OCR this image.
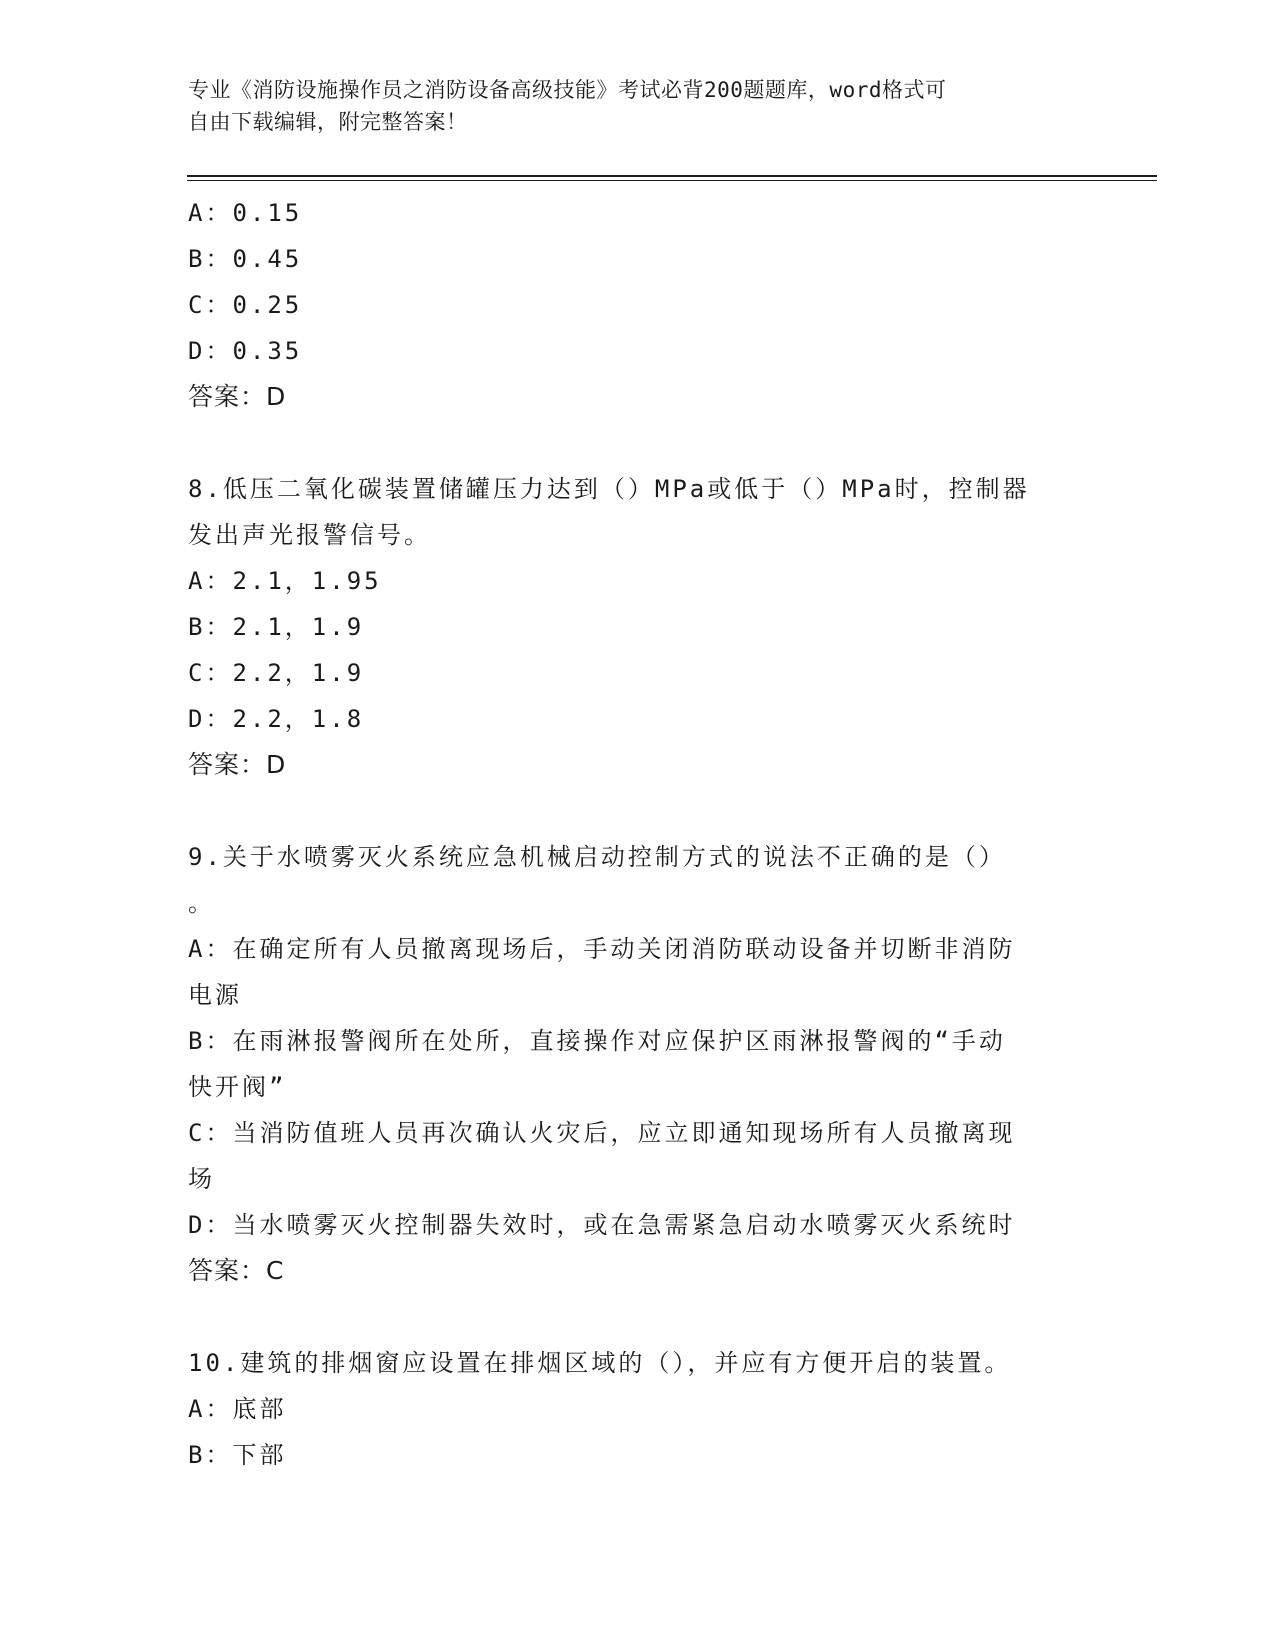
专业《消防设施操作员之消防设备高级技能》考试必背200题题库，word格式可
自由下载编辑，附完整答案！
A：0.15
B：0.45
C：0.25
D：0.35
答案：D
8.低压二氧化碳装置储罐压力达到（）MPa或低于（）MPa时，控制器
发出声光报警信号。
A：2.1，1.95
B：2.1，1.9
C：2.2，1.9
D：2.2，1.8
答案：D
9.关于水喷雾灭火系统应急机械启动控制方式的说法不正确的是（）
。
A：在确定所有人员撤离现场后，手动关闭消防联动设备并切断非消防
电源
B：在雨淋报警阀所在处所，直接操作对应保护区雨淋报警阀的“手动
快开阀”
C：当消防值班人员再次确认火灾后，应立即通知现场所有人员撤离现
场
D：当水喷雾灭火控制器失效时，或在急需紧急启动水喷雾灭火系统时
答案：C
10.建筑的排烟窗应设置在排烟区域的（），并应有方便开启的装置。
A：底部
B：下部
